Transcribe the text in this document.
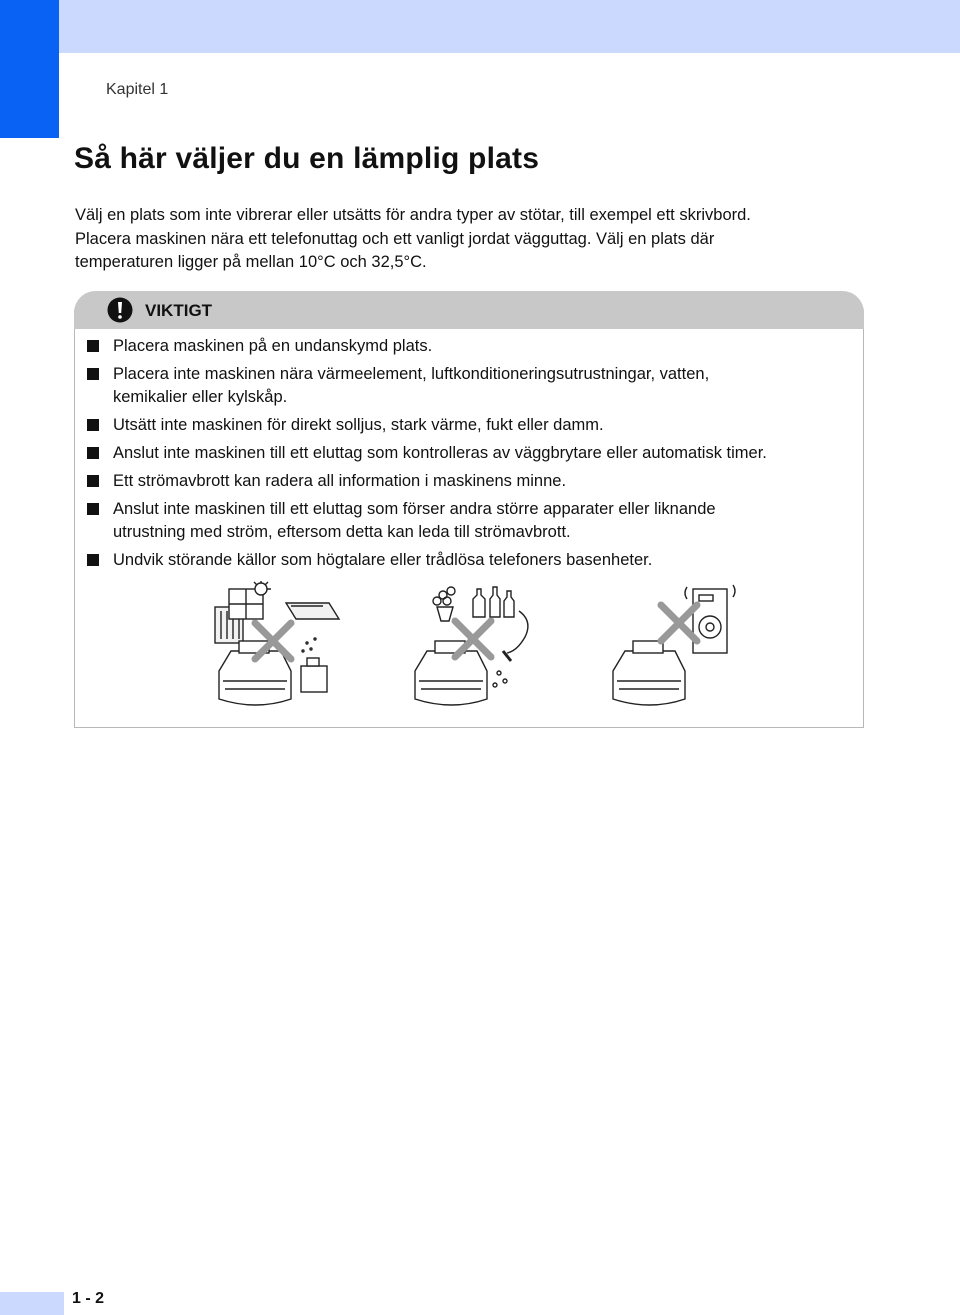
Kapitel 1
Så här väljer du en lämplig plats
Välj en plats som inte vibrerar eller utsätts för andra typer av stötar, till exempel ett skrivbord.
Placera maskinen nära ett telefonuttag och ett vanligt jordat vägguttag. Välj en plats där
temperaturen ligger på mellan 10°C och 32,5°C.
VIKTIGT
Placera maskinen på en undanskymd plats.
Placera inte maskinen nära värmeelement, luftkonditioneringsutrustningar, vatten,
kemikalier eller kylskåp.
Utsätt inte maskinen för direkt solljus, stark värme, fukt eller damm.
Anslut inte maskinen till ett eluttag som kontrolleras av väggbrytare eller automatisk timer.
Ett strömavbrott kan radera all information i maskinens minne.
Anslut inte maskinen till ett eluttag som förser andra större apparater eller liknande
utrustning med ström, eftersom detta kan leda till strömavbrott.
Undvik störande källor som högtalare eller trådlösa telefoners basenheter.
1 - 2
